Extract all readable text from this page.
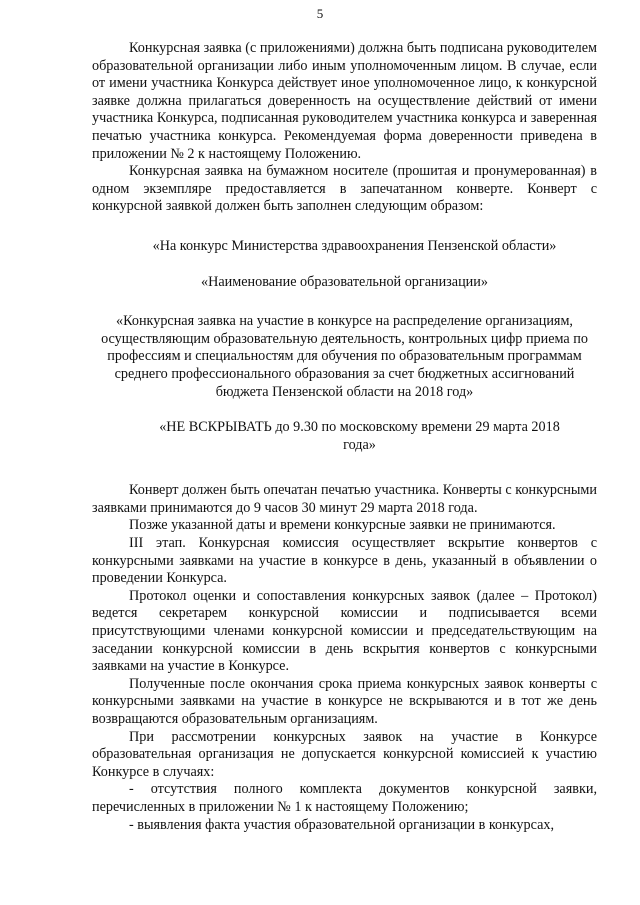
5

Конкурсная заявка (с приложениями) должна быть подписана руководителем образовательной организации либо иным уполномоченным лицом. В случае, если от имени участника Конкурса действует иное уполномоченное лицо, к конкурсной заявке должна прилагаться доверенность на осуществление действий от имени участника Конкурса, подписанная руководителем участника конкурса и заверенная печатью участника конкурса. Рекомендуемая форма доверенности приведена в приложении № 2 к настоящему Положению.

Конкурсная заявка на бумажном носителе (прошитая и пронумерованная) в одном экземпляре предоставляется в запечатанном конверте. Конверт с конкурсной заявкой должен быть заполнен следующим образом:

«На конкурс Министерства здравоохранения Пензенской области»

«Наименование образовательной организации»

«Конкурсная заявка на участие в конкурсе на распределение организациям, осуществляющим образовательную деятельность, контрольных цифр приема по профессиям и специальностям для обучения по образовательным программам среднего профессионального образования за счет бюджетных ассигнований бюджета Пензенской области на 2018 год»

«НЕ ВСКРЫВАТЬ до 9.30 по московскому времени 29 марта 2018 года»

Конверт должен быть опечатан печатью участника. Конверты с конкурсными заявками принимаются до 9 часов 30 минут 29 марта 2018 года.

Позже указанной даты и времени конкурсные заявки не принимаются.

III этап. Конкурсная комиссия осуществляет вскрытие конвертов с конкурсными заявками на участие в конкурсе в день, указанный в объявлении о проведении Конкурса.

Протокол оценки и сопоставления конкурсных заявок (далее – Протокол) ведется секретарем конкурсной комиссии и подписывается всеми присутствующими членами конкурсной комиссии и председательствующим на заседании конкурсной комиссии в день вскрытия конвертов с конкурсными заявками на участие в Конкурсе.

Полученные после окончания срока приема конкурсных заявок конверты с конкурсными заявками на участие в конкурсе не вскрываются и в тот же день возвращаются образовательным организациям.

При рассмотрении конкурсных заявок на участие в Конкурсе образовательная организация не допускается конкурсной комиссией к участию Конкурсе в случаях:

- отсутствия полного комплекта документов конкурсной заявки, перечисленных в приложении № 1 к настоящему Положению;

- выявления факта участия образовательной организации в конкурсах,
